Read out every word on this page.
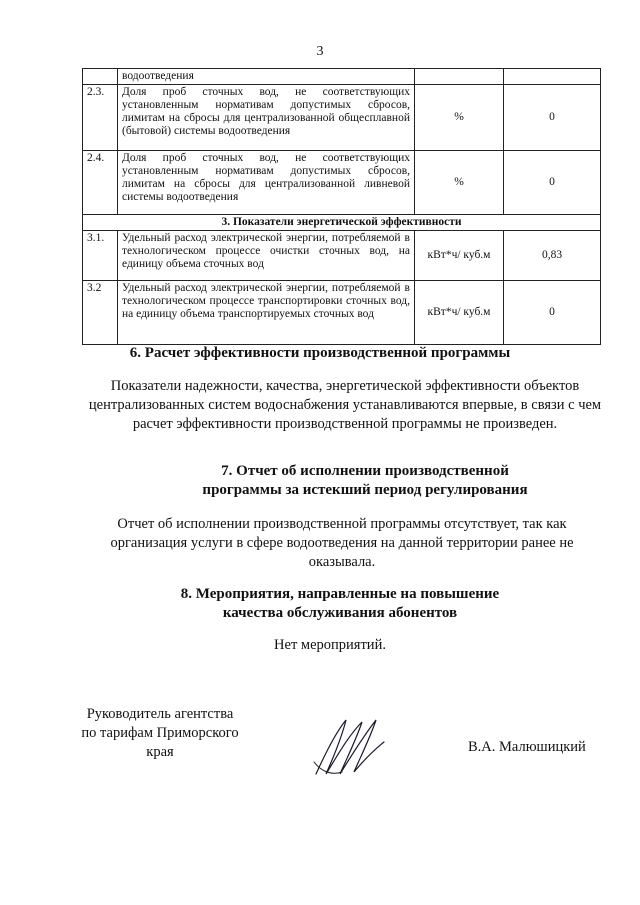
3
	водоотведения		
2.3.	Доля проб сточных вод, не соответствующих установленным нормативам допустимых сбросов, лимитам на сбросы для централизованной общесплавной (бытовой) системы водоотведения	%	0
2.4.	Доля проб сточных вод, не соответствующих установленным нормативам допустимых сбросов, лимитам на сбросы для централизованной ливневой системы водоотведения	%	0
3. Показатели энергетической эффективности			
3.1.	Удельный расход электрической энергии, потребляемой в технологическом процессе очистки сточных вод, на единицу объема сточных вод	кВт*ч/ куб.м	0,83
3.2	Удельный расход электрической энергии, потребляемой в технологическом процессе транспортировки сточных вод, на единицу объема транспортируемых сточных вод	кВт*ч/ куб.м	0
6. Расчет эффективности производственной программы
Показатели надежности, качества, энергетической эффективности объектов централизованных систем водоснабжения устанавливаются впервые, в связи с чем расчет эффективности производственной программы не произведен.
7. Отчет об исполнении производственной программы за истекший период регулирования
Отчет об исполнении производственной программы отсутствует, так как организация услуги в сфере водоотведения на данной территории ранее не оказывала.
8. Мероприятия, направленные на повышение качества обслуживания абонентов
Нет мероприятий.
Руководитель агентства по тарифам Приморского края	В.А. Малюшицкий
